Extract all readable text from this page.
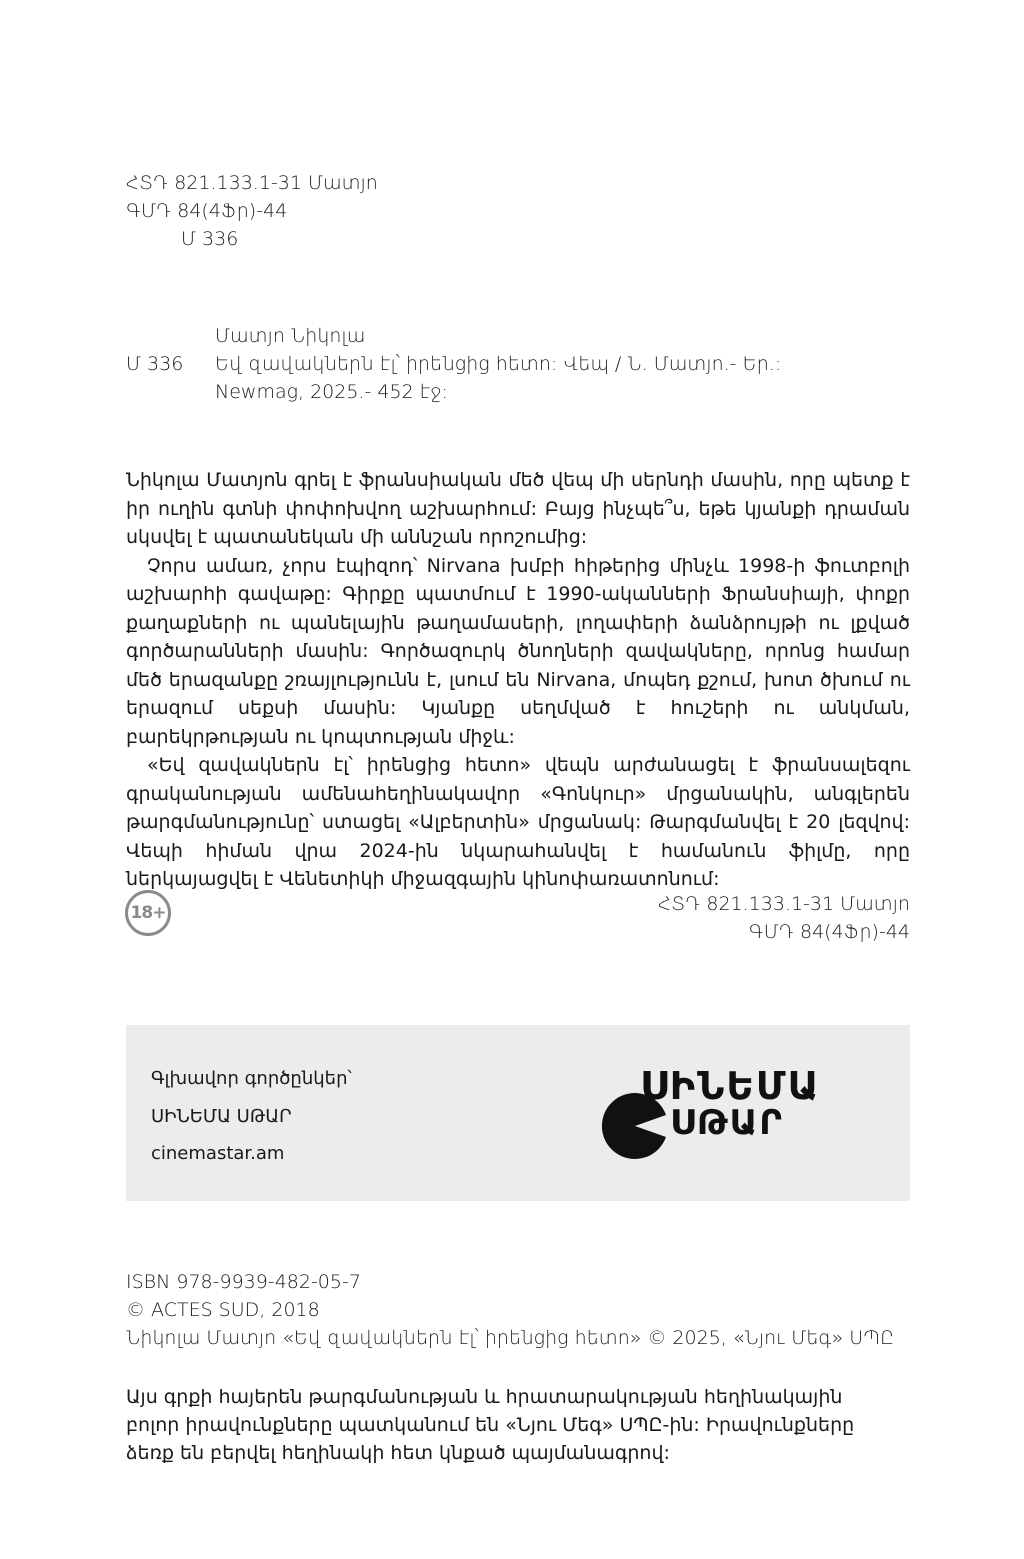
ՀՏԴ 821.133.1-31 Մատյո
ԳՄԴ 84(4Ֆր)-44
Մ 336
Մատյո Նիկոլա
Մ 336 Եվ զավակներն էլ՝ իրենցից հետո: Վեպ / Ն. Մատյո.- Եր.:
Newmag, 2025.- 452 էջ:

Նիկոլա Մատյոն գրել է ֆրանսիական մեծ վեպ մի սերնդի մասին, որը պետք է իր ուղին գտնի փոփոխվող աշխարհում: Բայց ինչպե՞ս, եթե կյանքի դրաման սկսվել է պատանեկան մի աննշան որոշումից:

Չորս ամառ, չորս էպիզոդ՝ Nirvana խմբի հիթերից մինչև 1998-ի ֆուտբոլի աշխարհի գավաթը: Գիրքը պատմում է 1990-ականների Ֆրանսիայի, փոքր քաղաքների ու պանելային թաղամասերի, լողափերի ձանձրույթի ու լքված գործարանների մասին: Գործազուրկ ծնողների զավակները, որոնց համար մեծ երազանքը շռայլությունն է, լսում են Nirvana, մոպեդ քշում, խոտ ծխում ու երազում սեքսի մասին: Կյանքը սեղմված է հուշերի ու անկման, բարեկրթության ու կոպտության միջև:

«Եվ զավակներն էլ՝ իրենցից հետո» վեպն արժանացել է ֆրանսալեզու գրականության ամենահեղինակավոր «Գոնկուր» մրցանակին, անգլերեն թարգմանությունը՝ ստացել «Ալբերտին» մրցանակ: Թարգմանվել է 20 լեզվով: Վեպի հիման վրա 2024-ին նկարահանվել է համանուն ֆիլմը, որը ներկայացվել է Վենետիկի միջազգային կինոփառատոնում:

18+	ՀՏԴ 821.133.1-31 Մատյո
ԳՄԴ 84(4Ֆր)-44
Գլխավոր գործընկեր՝
ՍԻՆԵՄԱ ՍԹԱՐ
cinemastar.am
ՍԻՆԵՄԱ
ՍԹԱՐ
ISBN 978-9939-482-05-7
© ACTES SUD, 2018
Նիկոլա Մատյո «Եվ զավակներն էլ՝ իրենցից հետո» © 2025, «Նյու Մեգ» ՍՊԸ
Այս գրքի հայերեն թարգմանության և հրատարակության հեղինակային բոլոր իրավունքները պատկանում են «Նյու Մեգ» ՍՊԸ-ին: Իրավունքները ձեռք են բերվել հեղինակի հետ կնքած պայմանագրով:
